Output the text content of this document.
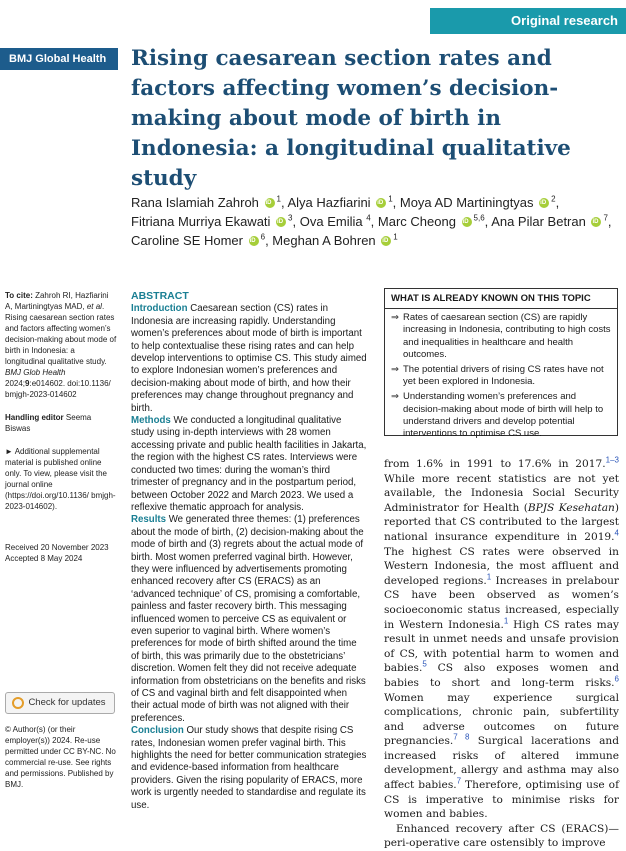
Original research
BMJ Global Health	Rising caesarean section rates and factors affecting women’s decision-making about mode of birth in Indonesia: a longitudinal qualitative study
Rana Islamiah Zahroh $iD^1$, Alya Hazfiarini $iD^1$, Moya AD Martiningtyas $iD^2$, Fitriana Murriya Ekawati $iD^3$, Ova Emilia $^4$, Marc Cheong iD$^{5,6}$, Ana Pilar Betran $iD^7$, Caroline SE Homer $iD^6$, Meghan A Bohren $iD^1$
To cite: Zahroh RI, Hazfiarini A, Martiningtyas MAD, et al. Rising caesarean section rates and factors affecting women’s decision-making about mode of birth in Indonesia: a longitudinal qualitative study. BMJ Glob Health 2024;9:e014602. doi:10.1136/ bmjgh-2023-014602
Handling editor Seema Biswas
► Additional supplemental material is published online only. To view, please visit the journal online (https://doi.org/10.1136/ bmjgh-2023-014602).
Received 20 November 2023
Accepted 8 May 2024
Check for updates
© Author(s) (or their employer(s)) 2024. Re-use permitted under CC BY-NC. No commercial re-use. See rights and permissions. Published by BMJ.
ABSTRACT

Introduction Caesarean section (CS) rates in Indonesia are increasing rapidly. Understanding women’s preferences about mode of birth is important to help contextualise these rising rates and can help develop interventions to optimise CS. This study aimed to explore Indonesian women’s preferences and decision-making about mode of birth, and how their preferences may change throughout pregnancy and birth.

Methods We conducted a longitudinal qualitative study using in-depth interviews with 28 women accessing private and public health facilities in Jakarta, the region with the highest CS rates. Interviews were conducted two times: during the woman’s third trimester of pregnancy and in the postpartum period, between October 2022 and March 2023. We used a reflexive thematic approach for analysis.

Results We generated three themes: (1) preferences about the mode of birth, (2) decision-making about the mode of birth and (3) regrets about the actual mode of birth. Most women preferred vaginal birth. However, they were influenced by advertisements promoting enhanced recovery after CS (ERACS) as an ‘advanced technique’ of CS, promising a comfortable, painless and faster recovery birth. This messaging influenced women to perceive CS as equivalent or even superior to vaginal birth. Where women’s preferences for mode of birth shifted around the time of birth, this was primarily due to the obstetricians’ discretion. Women felt they did not receive adequate information from obstetricians on the benefits and risks of CS and vaginal birth and felt disappointed when their actual mode of birth was not aligned with their preferences.

Conclusion Our study shows that despite rising CS rates, Indonesian women prefer vaginal birth. This highlights the need for better communication strategies and evidence-based information from healthcare providers. Given the rising popularity of ERACS, more work is urgently needed to standardise and regulate its use.

WHAT IS ALREADY KNOWN ON THIS TOPIC
⇒ Rates of caesarean section (CS) are rapidly increasing in Indonesia, contributing to high costs and inequalities in healthcare and health outcomes.
⇒ The potential drivers of rising CS rates have not yet been explored in Indonesia.
⇒ Understanding women’s preferences and decision-making about mode of birth will help to understand drivers and develop potential interventions to optimise CS use.

from 1.6% in 1991 to 17.6% in 2017.$^{1-3}$ While more recent statistics are not yet available, the Indonesia Social Security Administrator for Health (BPJS Kesehatan) reported that CS contributed to the largest national insurance expenditure in 2019.$^4$ The highest CS rates were observed in Western Indonesia, the most affluent and developed regions.$^1$ Increases in prelabour CS have been observed as women’s socioeconomic status increased, especially in Western Indonesia.$^1$ High CS rates may result in unmet needs and unsafe provision of CS, with potential harm to women and babies.$^5$ CS also exposes women and babies to short and long-term risks.$^6$ Women may experience surgical complications, chronic pain, subfertility and adverse outcomes on future pregnancies.$^{7 8}$ Surgical lacerations and increased risks of altered immune development, allergy and asthma may also affect babies.$^7$ Therefore, optimising use of CS is imperative to minimise risks for women and babies.

Enhanced recovery after CS (ERACS)—peri-operative care ostensibly to improve
